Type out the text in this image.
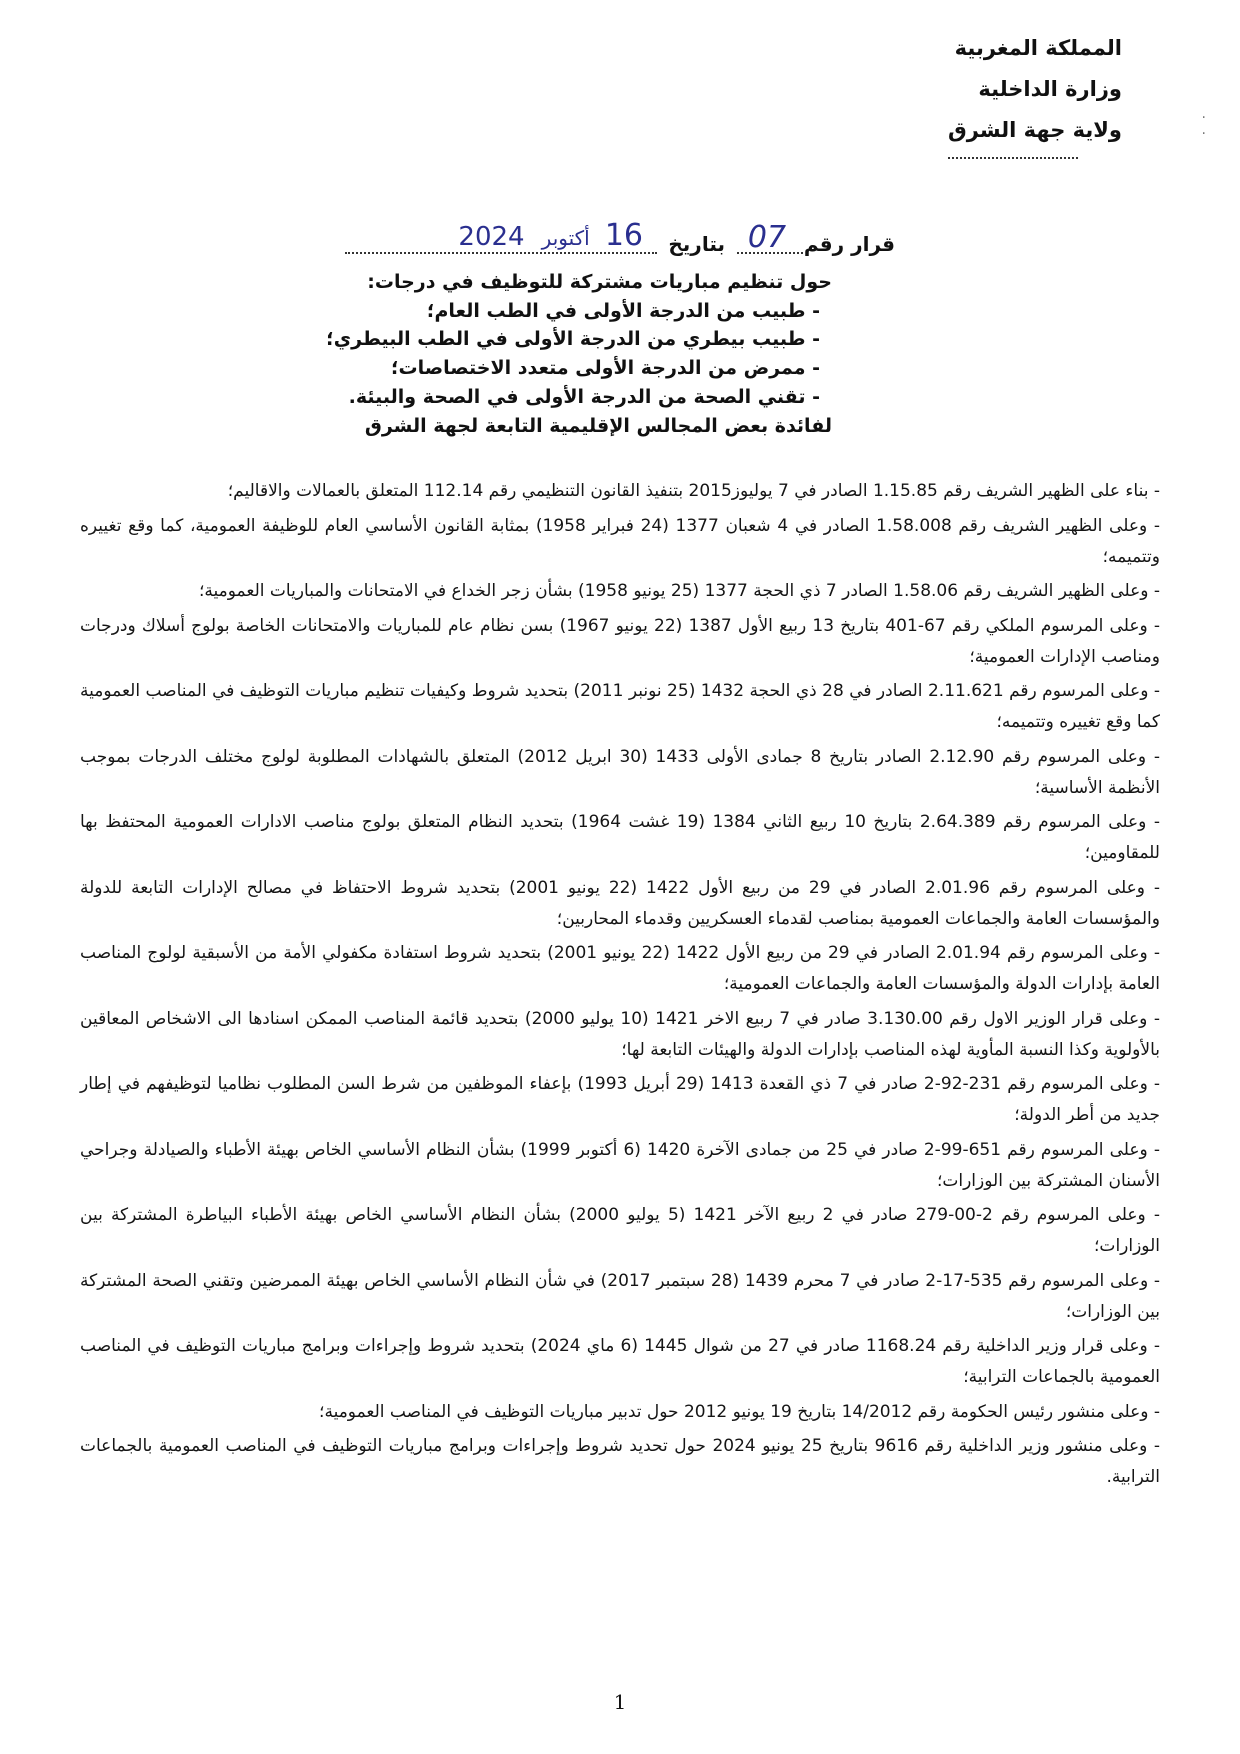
المملكة المغربية
وزارة الداخلية
ولاية جهة الشرق	·
·
قرار رقم
07
بتاريخ
16 أكتوبر 2024
حول تنظيم مباريات مشتركة للتوظيف في درجات:
- طبيب من الدرجة الأولى في الطب العام؛
- طبيب بيطري من الدرجة الأولى في الطب البيطري؛
- ممرض من الدرجة الأولى متعدد الاختصاصات؛
- تقني الصحة من الدرجة الأولى في الصحة والبيئة.
لفائدة بعض المجالس الإقليمية التابعة لجهة الشرق
- بناء على الظهير الشريف رقم 1.15.85 الصادر في 7 يوليوز2015 بتنفيذ القانون التنظيمي رقم 112.14 المتعلق بالعمالات والاقاليم؛
- وعلى الظهير الشريف رقم 1.58.008 الصادر في 4 شعبان 1377 (24 فبراير 1958) بمثابة القانون الأساسي العام للوظيفة العمومية، كما وقع تغييره وتتميمه؛
- وعلى الظهير الشريف رقم 1.58.06 الصادر 7 ذي الحجة 1377 (25 يونيو 1958) بشأن زجر الخداع في الامتحانات والمباريات العمومية؛
- وعلى المرسوم الملكي رقم 67-401 بتاريخ 13 ربيع الأول 1387 (22 يونيو 1967) بسن نظام عام للمباريات والامتحانات الخاصة بولوج أسلاك ودرجات ومناصب الإدارات العمومية؛
- وعلى المرسوم رقم 2.11.621 الصادر في 28 ذي الحجة 1432 (25 نونبر 2011) بتحديد شروط وكيفيات تنظيم مباريات التوظيف في المناصب العمومية كما وقع تغييره وتتميمه؛
- وعلى المرسوم رقم 2.12.90 الصادر بتاريخ 8 جمادى الأولى 1433 (30 ابريل 2012) المتعلق بالشهادات المطلوبة لولوج مختلف الدرجات بموجب الأنظمة الأساسية؛
- وعلى المرسوم رقم 2.64.389 بتاريخ 10 ربيع الثاني 1384 (19 غشت 1964) بتحديد النظام المتعلق بولوج مناصب الادارات العمومية المحتفظ بها للمقاومين؛
- وعلى المرسوم رقم 2.01.96 الصادر في 29 من ربيع الأول 1422 (22 يونيو 2001) بتحديد شروط الاحتفاظ في مصالح الإدارات التابعة للدولة والمؤسسات العامة والجماعات العمومية بمناصب لقدماء العسكريين وقدماء المحاربين؛
- وعلى المرسوم رقم 2.01.94 الصادر في 29 من ربيع الأول 1422 (22 يونيو 2001) بتحديد شروط استفادة مكفولي الأمة من الأسبقية لولوج المناصب العامة بإدارات الدولة والمؤسسات العامة والجماعات العمومية؛
- وعلى قرار الوزير الاول رقم 3.130.00 صادر في 7 ربيع الاخر 1421 (10 يوليو 2000) بتحديد قائمة المناصب الممكن اسنادها الى الاشخاص المعاقين بالأولوية وكذا النسبة المأوية لهذه المناصب بإدارات الدولة والهيئات التابعة لها؛
- وعلى المرسوم رقم 231-92-2 صادر في 7 ذي القعدة 1413 (29 أبريل 1993) بإعفاء الموظفين من شرط السن المطلوب نظاميا لتوظيفهم في إطار جديد من أطر الدولة؛
- وعلى المرسوم رقم 651-99-2 صادر في 25 من جمادى الآخرة 1420 (6 أكتوبر 1999) بشأن النظام الأساسي الخاص بهيئة الأطباء والصيادلة وجراحي الأسنان المشتركة بين الوزارات؛
- وعلى المرسوم رقم 2-00-279 صادر في 2 ربيع الآخر 1421 (5 يوليو 2000) بشأن النظام الأساسي الخاص بهيئة الأطباء البياطرة المشتركة بين الوزارات؛
- وعلى المرسوم رقم 535-17-2 صادر في 7 محرم 1439 (28 سبتمبر 2017) في شأن النظام الأساسي الخاص بهيئة الممرضين وتقني الصحة المشتركة بين الوزارات؛
- وعلى قرار وزير الداخلية رقم 1168.24 صادر في 27 من شوال 1445 (6 ماي 2024) بتحديد شروط وإجراءات وبرامج مباريات التوظيف في المناصب العمومية بالجماعات الترابية؛
- وعلى منشور رئيس الحكومة رقم 14/2012 بتاريخ 19 يونيو 2012 حول تدبير مباريات التوظيف في المناصب العمومية؛
- وعلى منشور وزير الداخلية رقم 9616 بتاريخ 25 يونيو 2024 حول تحديد شروط وإجراءات وبرامج مباريات التوظيف في المناصب العمومية بالجماعات الترابية.
1
